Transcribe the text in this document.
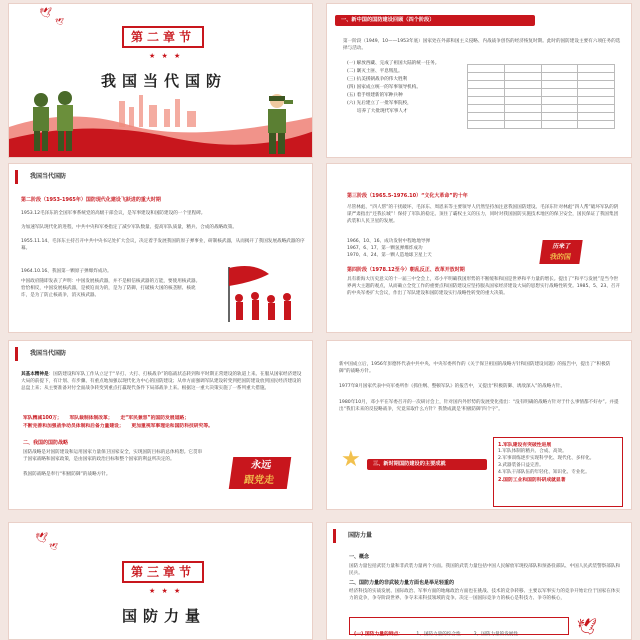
🕊
🕊
第二章节
★ ★ ★
我国当代国防
一、新中国的国防建设回顾（四个阶段）
第一阶段（1949、10——1953年底）国家处在外部和国主义侵略、内战战争创伤的经济恢复时期。此时的国防建设主要有六项任务的选择与活动。
(一) 解放西藏、完成了祖国大陆的统一任务。
(二) 剿灭土匪、平息叛乱。
(三) 抗美援朝战争的伟大胜利
(四) 国家成立统一的军事领导机构。
(五) 着手组建新的军种兵种
(六) 先后建立了一批军事院校，
培养了大批现代军事人才

我国当代国防
第二阶段（1953-1965年）国防现代化建设飞跃进的重大时期
1953.12毛泽东的全国军事系统党的高级干部会议，是军事建设和国防建设的一个里程碑。
为加速军队现代化的进程，中共中央和军委指定了减少军队数量、提高军队质量，精兵、合成的战略政策。
1955.11.14、毛泽东主持召开中共中央书记处扩大会议，决定着手发展我国的原子弹事业，研制核武器，从而揭开了我国发展战略武器的序幕。
1964.10.16、我国第一颗原子弹爆炸成功。
中国政府随即发表了声明：中国发展核武器，并不是相信核武器的万能，要使用核武器。恰恰相反，中国发展核武器，是被迫而为的，是为了防御，打破核大国的核垄断、核讹诈，是为了防止核战争，消灭核武器。
第三阶段（1965.5-1976.10）“文化大革命”的十年
尽管林彪、“四人帮”的干扰破坏，毛泽东、周恩来等主要领导人仍然坚持加注意我国国防建设。毛泽东针对林彪“四人帮”破坏军队的阴谋严肃指出“还我长城”！保持了军队的稳定。顶住了霸权主义的压力，同时对我国国防实施技术地区的保卫安全，国民保证了我国集团武装和人民卫星的发展。
1966、10、16、成功发射中程地地导弹
1967、6、17、第一颗氢弹爆炸成功
1970、4、24、第一颗人造地球卫星上天
第四阶段（1978.12至今）朝乱反正、改革开放时期
具有新海大历史意义的十一届三中全会上，邓小平明确我国形势的不断缓和和国是世界和平力量的增长。提出了“和平与发展”是当今世界两大主题的观点，从而确立全党工作的重要点和国防建设应坚持服从国家经济建设大局的思想实行战略性转变。1985、5、23、召开的中央军委扩大会议，作出了军队建设和国防建设实行战略性转变的重大决策。
历来了
我的国
我国当代国防
其基本精神是：国防建设和军队工作从立足于“早打、大打、打核战争”的临战状态转到和平时期正常建设的轨道上来。在服从国家经济建设大局的前提下，有计划、有步骤、有重点地加强以现代化为中心的国防建设；从单方面强调军队建设转变到把国防建设放到国民经济建设的总盘上来；从主要准备对付全面战争转变到重点打赢现代条件下局部战争上来。根据这一重大决策实施了一系列重大措施。
军队精减100万； 军队裁制体制改革； 走“军民兼容”的国防发展道路；
不断完善和加强战争动员体制和后备力量建设； 更加重视军事理论和国防科技研究等。
二、我国的国防战略
国防战略是对国防建设和运用国家力量保卫国家安全，实现国防目标的总体构想。它贯串于国家战略和国家政策，是由国家的政治目标和整个国家的利益所决定的。
我国防战略是奉行“积极防御”的战略方针。
永远
跟党走
新中国成立后，1956年彭德怀代表中共中央、中央军委所作的《关于保卫祖国的战略方针和国防建设问题》的报告中，提出了“积极防御”的战略方针。
1977年8月国家代表中央军委所作《抓住纲、整顿军队》的报告中，又提出“积极防御、诱敌深入”的战略方针。
1980年10月，邓小平在军委召开的一次研讨会上，针对国内外形势的发展变化指出：“没有明确的战略方针对于什么事情都不好办”。并提出“我们未来的反侵略战争，究竟采取什么方针？我赞成就是‘积极防御’四个字”。
★	三、新时期国防建设的主要成就
1.军队建设有突破性进展
1.军队体制的精兵、合成、高效。
2.军事训练逐步实现科学化、现代化、多样化。
3.武器装备日益完善。
4.军队干部队伍的年轻化、知识化、专业化。
2.国防工业和国防科研成就显著
🕊
🕊
第三章节
★ ★ ★
国防力量
国防力量
一、概念
国防力量包括武装力量和非武装力量两个方面。我国的武装力量包括中国人民解放军现役部队和预备役部队、中国人民武装警察部队和民兵。
二、国防力量的非武装力量方面也是举足轻重的
经济科技的实战发展、国际政治、军事方面的地缘政治方面也在挑战、技术的竞争转移、主要以军事实力的竞争开始让位于国家在体实力的竞争，争夺阶段世界、争夺未来科技领域的竞争。决定一国国际竞争力的核心是科技力、争夺的核心，
(一) 国防力量的特点：	1、国防力量的综合性	2、国防力量的发展性	🕊
